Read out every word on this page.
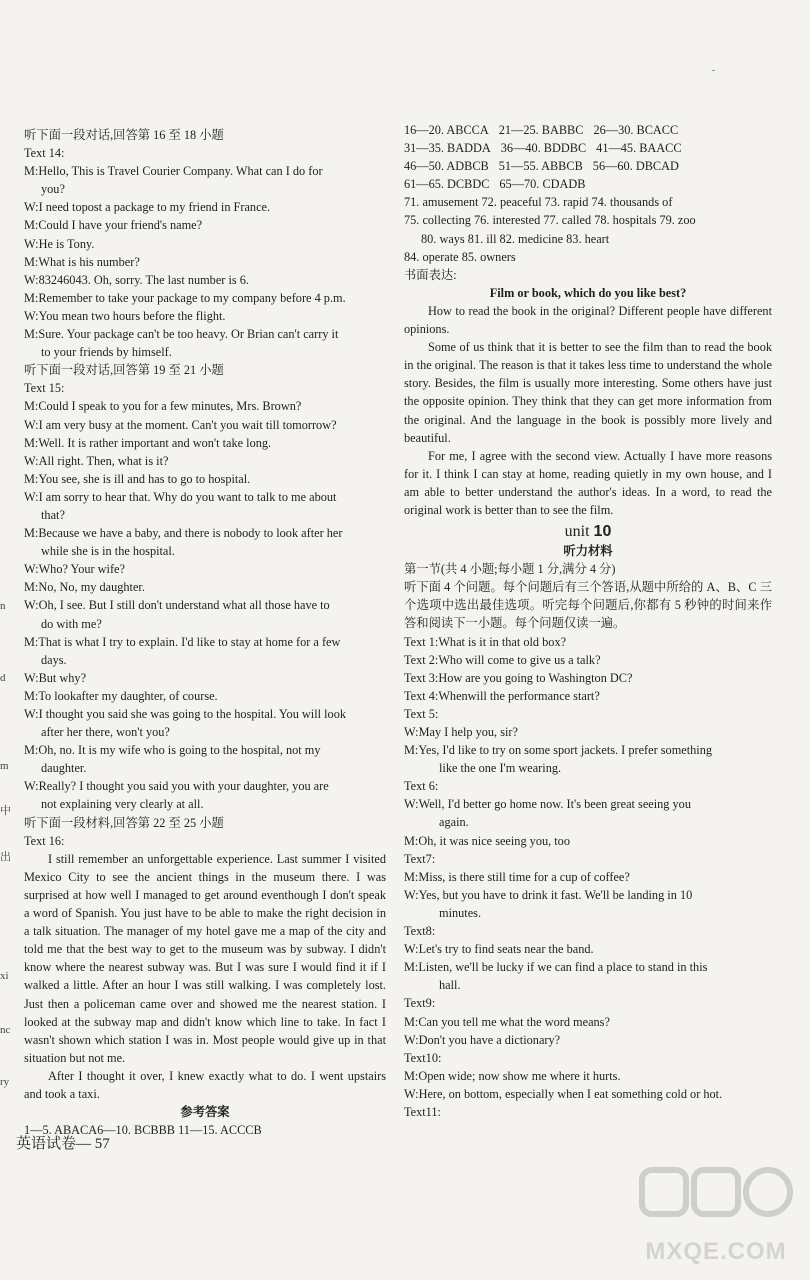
n
d
m
中
出
xi
nc
ry
听下面一段对话,回答第 16 至 18 小题
Text 14:
M:Hello, This is Travel Courier Company. What can I do for
you?
W:I need topost a package to my friend in France.
M:Could I have your friend's name?
W:He is Tony.
M:What is his number?
W:83246043. Oh, sorry. The last number is 6.
M:Remember to take your package to my company before 4 p.m.
W:You mean two hours before the flight.
M:Sure. Your package can't be too heavy. Or Brian can't carry it
to your friends by himself.
听下面一段对话,回答第 19 至 21 小题
Text 15:
M:Could I speak to you for a few minutes, Mrs. Brown?
W:I am very busy at the moment. Can't you wait till tomorrow?
M:Well. It is rather important and won't take long.
W:All right. Then, what is it?
M:You see, she is ill and has to go to hospital.
W:I am sorry to hear that. Why do you want to talk to me about
that?
M:Because we have a baby, and there is nobody to look after her
while she is in the hospital.
W:Who? Your wife?
M:No, No, my daughter.
W:Oh, I see. But I still don't understand what all those have to
do with me?
M:That is what I try to explain. I'd like to stay at home for a few
days.
W:But why?
M:To lookafter my daughter, of course.
W:I thought you said she was going to the hospital. You will look
after her there, won't you?
M:Oh, no. It is my wife who is going to the hospital, not my
daughter.
W:Really? I thought you said you with your daughter, you are
not explaining very clearly at all.
听下面一段材料,回答第 22 至 25 小题
Text 16:
I still remember an unforgettable experience. Last summer I visited Mexico City to see the ancient things in the museum there. I was surprised at how well I managed to get around eventhough I don't speak a word of Spanish. You just have to be able to make the right decision in a talk situation. The manager of my hotel gave me a map of the city and told me that the best way to get to the museum was by subway. I didn't know where the nearest subway was. But I was sure I would find it if I walked a little. After an hour I was still walking. I was completely lost. Just then a policeman came over and showed me the nearest station. I looked at the subway map and didn't know which line to take. In fact I wasn't shown which station I was in. Most people would give up in that situation but not me.
After I thought it over, I knew exactly what to do. I went upstairs and took a taxi.
参考答案
1—5. ABACA6—10. BCBBB 11—15. ACCCB
英语试卷— 57
16—20. ABCCA 21—25. BABBC 26—30. BCACC
31—35. BADDA 36—40. BDDBC 41—45. BAACC
46—50. ADBCB 51—55. ABBCB 56—60. DBCAD
61—65. DCBDC 65—70. CDADB
71. amusement 72. peaceful 73. rapid 74. thousands of
75. collecting 76. interested 77. called 78. hospitals 79. zoo
80. ways 81. ill 82. medicine 83. heart
84. operate 85. owners
书面表达:
Film or book, which do you like best?
How to read the book in the original? Different people have different opinions.
Some of us think that it is better to see the film than to read the book in the original. The reason is that it takes less time to understand the whole story. Besides, the film is usually more interesting. Some others have just the opposite opinion. They think that they can get more information from the original. And the language in the book is possibly more lively and beautiful.
For me, I agree with the second view. Actually I have more reasons for it. I think I can stay at home, reading quietly in my own house, and I am able to better understand the author's ideas. In a word, to read the original work is better than to see the film.
unit 10
听力材料
第一节(共 4 小题;每小题 1 分,满分 4 分)
听下面 4 个问题。每个问题后有三个答语,从题中所给的 A、B、C 三个选项中选出最佳选项。听完每个问题后,你都有 5 秒钟的时间来作答和阅读下一小题。每个问题仅读一遍。
Text 1:What is it in that old box?
Text 2:Who will come to give us a talk?
Text 3:How are you going to Washington DC?
Text 4:Whenwill the performance start?
Text 5:
W:May I help you, sir?
M:Yes, I'd like to try on some sport jackets. I prefer something
like the one I'm wearing.
Text 6:
W:Well, I'd better go home now. It's been great seeing you
again.
M:Oh, it was nice seeing you, too
Text7:
M:Miss, is there still time for a cup of coffee?
W:Yes, but you have to drink it fast. We'll be landing in 10
minutes.
Text8:
W:Let's try to find seats near the band.
M:Listen, we'll be lucky if we can find a place to stand in this
hall.
Text9:
M:Can you tell me what the word means?
W:Don't you have a dictionary?
Text10:
M:Open wide; now show me where it hurts.
W:Here, on bottom, especially when I eat something cold or hot.
Text11:
MXQE.COM
